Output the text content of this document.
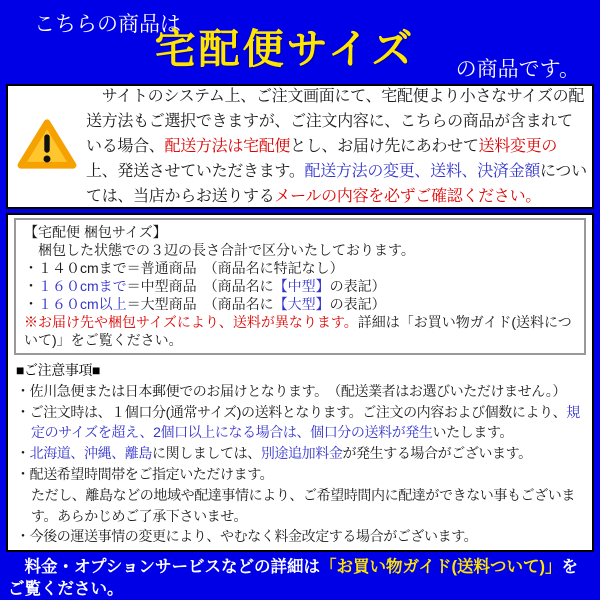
こちらの商品は
宅配便サイズ	の商品です。
　サイトのシステム上、ご注文画面にて、宅配便より小さなサイズの配送方法もご選択できますが、ご注文内容に、こちらの商品が含まれている場合、配送方法は宅配便とし、お届け先にあわせて送料変更の上、発送させていただきます。配送方法の変更、送料、決済金額については、当店からお送りするメールの内容を必ずご確認ください。
【宅配便 梱包サイズ】
　梱包した状態での３辺の長さ合計で区分いたしております。
・１４０cmまで＝普通商品　（商品名に特記なし）
・１６０cmまで＝中型商品　（商品名に【中型】の表記）
・１６０cm以上＝大型商品　（商品名に【大型】の表記）
※お届け先や梱包サイズにより、送料が異なります。詳細は「お買い物ガイド(送料について)」をご覧ください。
■ご注意事項■
・佐川急便または日本郵便でのお届けとなります。　（配送業者はお選びいただけません。）
・ご注文時は、１個口分(通常サイズ)の送料となります。ご注文の内容および個数により、規定のサイズを超え、2個口以上になる場合は、個口分の送料が発生いたします。
・北海道、沖縄、離島に関しましては、別途追加料金が発生する場合がございます。
・配送希望時間帯をご指定いただけます。
ただし、離島などの地域や配達事情により、ご希望時間内に配達ができない事もございます。あらかじめご了承下さいませ。
・今後の運送事情の変更により、やむなく料金改定する場合がございます。
　料金・オプションサービスなどの詳細は「お買い物ガイド(送料ついて)」を
ご覧ください。
